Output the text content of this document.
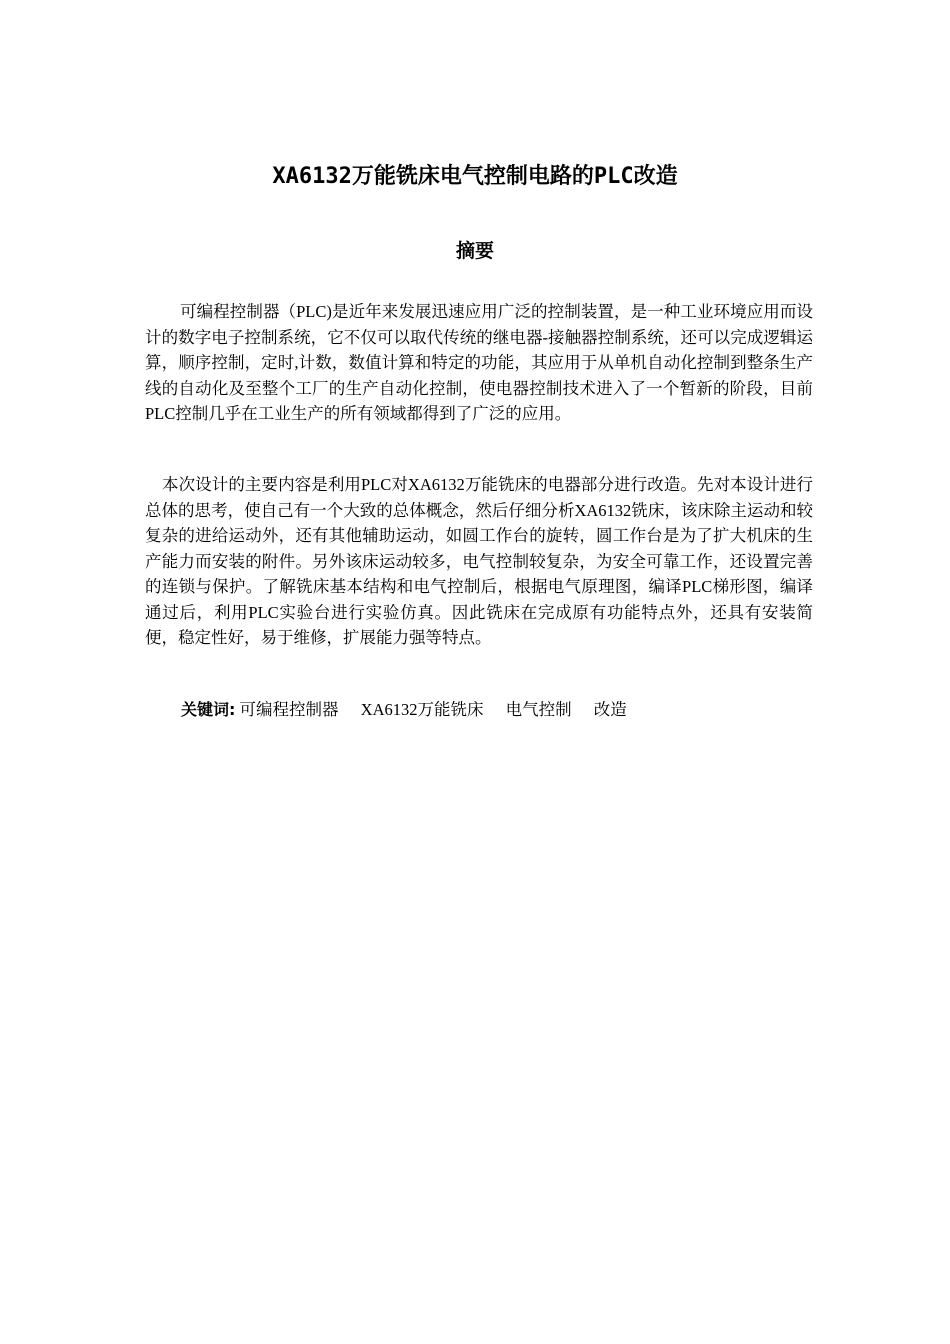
XA6132万能铣床电气控制电路的PLC改造
摘要

可编程控制器（PLC)是近年来发展迅速应用广泛的控制装置，是一种工业环境应用而设计的数字电子控制系统，它不仅可以取代传统的继电器-接触器控制系统，还可以完成逻辑运算，顺序控制，定时,计数，数值计算和特定的功能，其应用于从单机自动化控制到整条生产线的自动化及至整个工厂的生产自动化控制，使电器控制技术进入了一个暂新的阶段，目前PLC控制几乎在工业生产的所有领域都得到了广泛的应用。

本次设计的主要内容是利用PLC对XA6132万能铣床的电器部分进行改造。先对本设计进行总体的思考，使自己有一个大致的总体概念，然后仔细分析XA6132铣床，该床除主运动和较复杂的进给运动外，还有其他辅助运动，如圆工作台的旋转，圆工作台是为了扩大机床的生产能力而安装的附件。另外该床运动较多，电气控制较复杂，为安全可靠工作，还设置完善的连锁与保护。了解铣床基本结构和电气控制后，根据电气原理图，编译PLC梯形图，编译通过后，利用PLC实验台进行实验仿真。因此铣床在完成原有功能特点外，还具有安装简便，稳定性好，易于维修，扩展能力强等特点。

关键词: 可编程控制器 XA6132万能铣床 电气控制 改造
